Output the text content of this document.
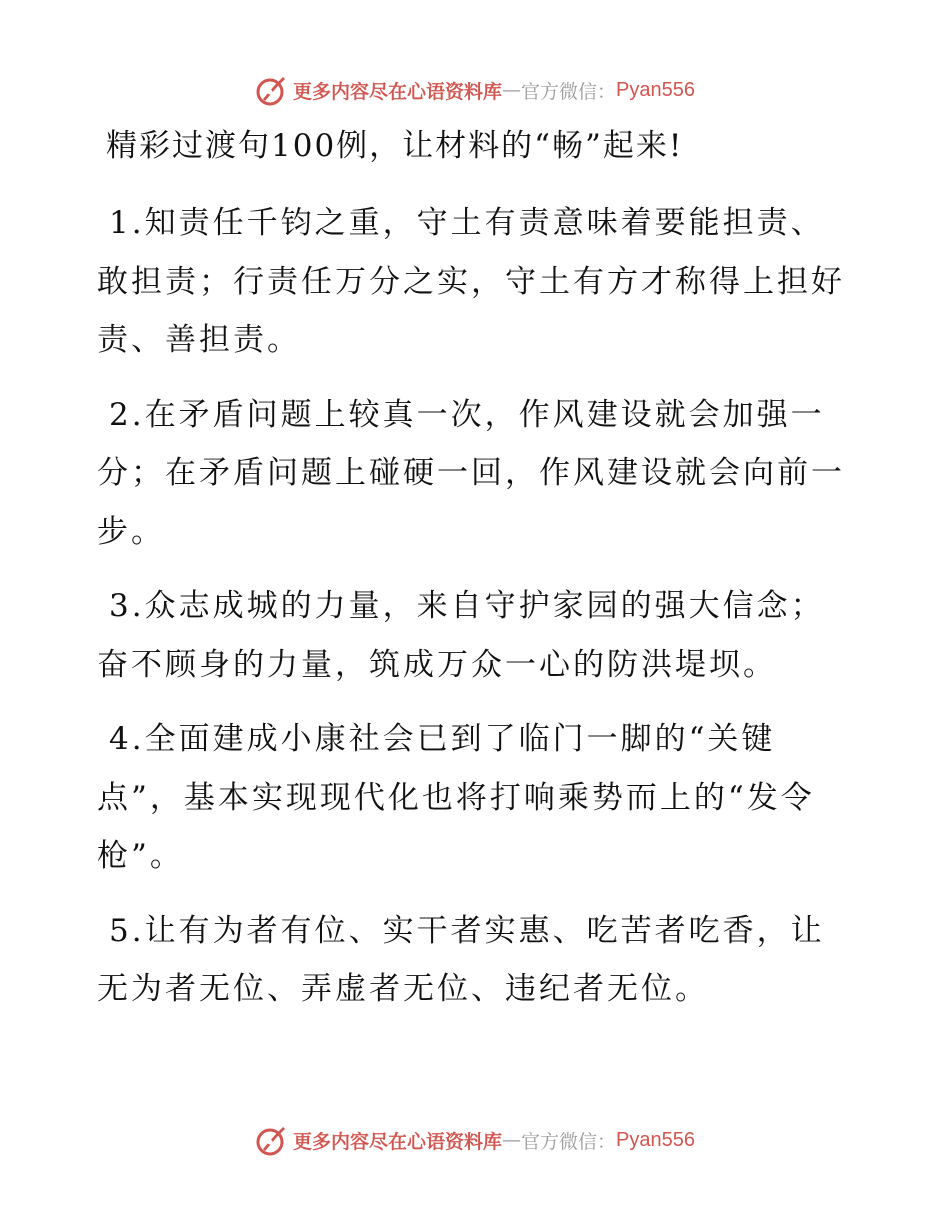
更多内容尽在心语资料库 — 官方微信： Pyan556
精彩过渡句100例，让材料的“畅”起来!

1.知责任千钧之重，守土有责意味着要能担责、
敢担责；行责任万分之实，守土有方才称得上担好
责、善担责。

2.在矛盾问题上较真一次，作风建设就会加强一
分；在矛盾问题上碰硬一回，作风建设就会向前一
步。

3.众志成城的力量，来自守护家园的强大信念；
奋不顾身的力量，筑成万众一心的防洪堤坝。

4.全面建成小康社会已到了临门一脚的“关键
点”，基本实现现代化也将打响乘势而上的“发令
枪”。

5.让有为者有位、实干者实惠、吃苦者吃香，让
无为者无位、弄虚者无位、违纪者无位。

更多内容尽在心语资料库 — 官方微信： Pyan556
